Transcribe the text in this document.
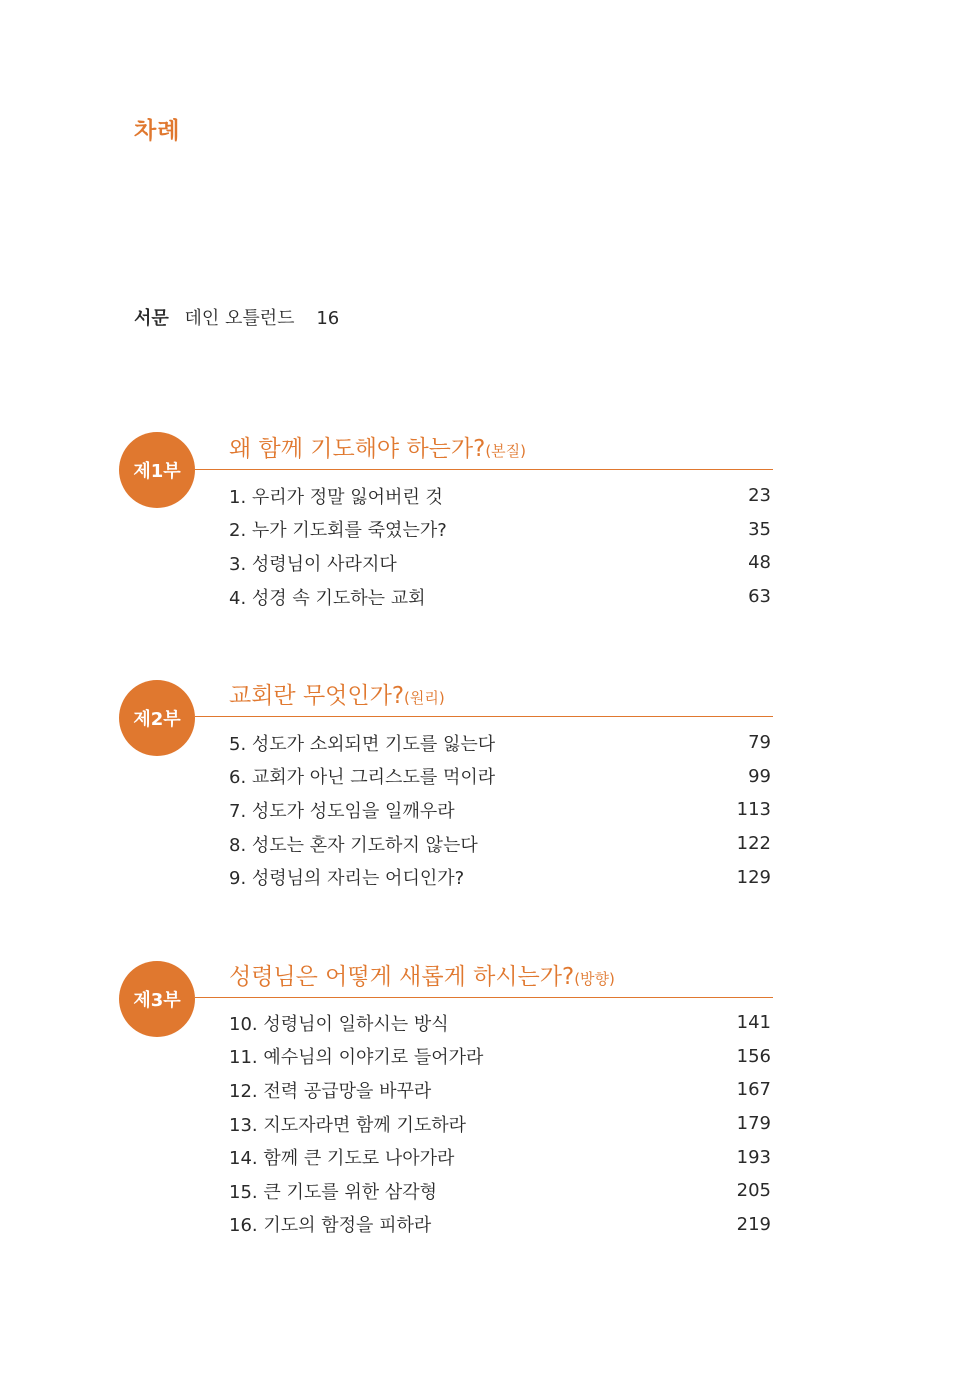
차례
서문 데인 오틀런드 16
제1부
왜 함께 기도해야 하는가?(본질)
1. 우리가 정말 잃어버린 것	23
2. 누가 기도회를 죽였는가?	35
3. 성령님이 사라지다	48
4. 성경 속 기도하는 교회	63
제2부
교회란 무엇인가?(원리)
5. 성도가 소외되면 기도를 잃는다	79
6. 교회가 아닌 그리스도를 먹이라	99
7. 성도가 성도임을 일깨우라	113
8. 성도는 혼자 기도하지 않는다	122
9. 성령님의 자리는 어디인가?	129
제3부
성령님은 어떻게 새롭게 하시는가?(방향)
10. 성령님이 일하시는 방식	141
11. 예수님의 이야기로 들어가라	156
12. 전력 공급망을 바꾸라	167
13. 지도자라면 함께 기도하라	179
14. 함께 큰 기도로 나아가라	193
15. 큰 기도를 위한 삼각형	205
16. 기도의 함정을 피하라	219
